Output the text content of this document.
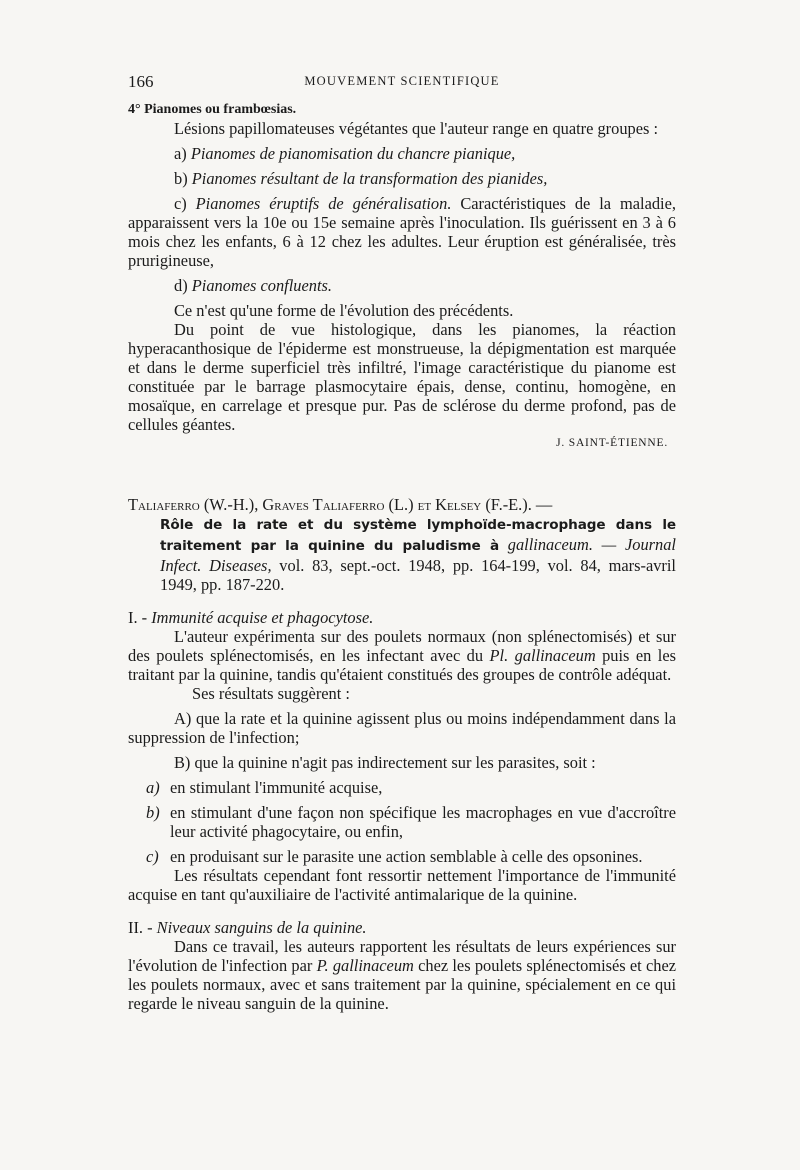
166	MOUVEMENT SCIENTIFIQUE

4° Pianomes ou frambœsias.

Lésions papillomateuses végétantes que l'auteur range en quatre groupes :

a) Pianomes de pianomisation du chancre pianique,

b) Pianomes résultant de la transformation des pianides,

c) Pianomes éruptifs de généralisation. Caractéristiques de la maladie, apparaissent vers la 10e ou 15e semaine après l'inoculation. Ils guérissent en 3 à 6 mois chez les enfants, 6 à 12 chez les adultes. Leur éruption est généralisée, très prurigineuse,

d) Pianomes confluents.

Ce n'est qu'une forme de l'évolution des précédents.

Du point de vue histologique, dans les pianomes, la réaction hyperacanthosique de l'épiderme est monstrueuse, la dépigmentation est marquée et dans le derme superficiel très infiltré, l'image caractéristique du pianome est constituée par le barrage plasmocytaire épais, dense, continu, homogène, en mosaïque, en carrelage et presque pur. Pas de sclérose du derme profond, pas de cellules géantes.

J. SAINT-ÉTIENNE.

Taliaferro (W.-H.), Graves Taliaferro (L.) et Kelsey (F.-E.). —

Rôle de la rate et du système lymphoïde-macrophage dans le traitement par la quinine du paludisme à gallinaceum. — Journal Infect. Diseases, vol. 83, sept.-oct. 1948, pp. 164-199, vol. 84, mars-avril 1949, pp. 187-220.

I. - Immunité acquise et phagocytose.

L'auteur expérimenta sur des poulets normaux (non splénectomisés) et sur des poulets splénectomisés, en les infectant avec du Pl. gallinaceum puis en les traitant par la quinine, tandis qu'étaient constitués des groupes de contrôle adéquat.

Ses résultats suggèrent :

A) que la rate et la quinine agissent plus ou moins indépendamment dans la suppression de l'infection;

B) que la quinine n'agit pas indirectement sur les parasites, soit :

a) en stimulant l'immunité acquise,
b) en stimulant d'une façon non spécifique les macrophages en vue d'accroître leur activité phagocytaire, ou enfin,
c) en produisant sur le parasite une action semblable à celle des opsonines.

Les résultats cependant font ressortir nettement l'importance de l'immunité acquise en tant qu'auxiliaire de l'activité antimalarique de la quinine.

II. - Niveaux sanguins de la quinine.

Dans ce travail, les auteurs rapportent les résultats de leurs expériences sur l'évolution de l'infection par P. gallinaceum chez les poulets splénectomisés et chez les poulets normaux, avec et sans traitement par la quinine, spécialement en ce qui regarde le niveau sanguin de la quinine.
